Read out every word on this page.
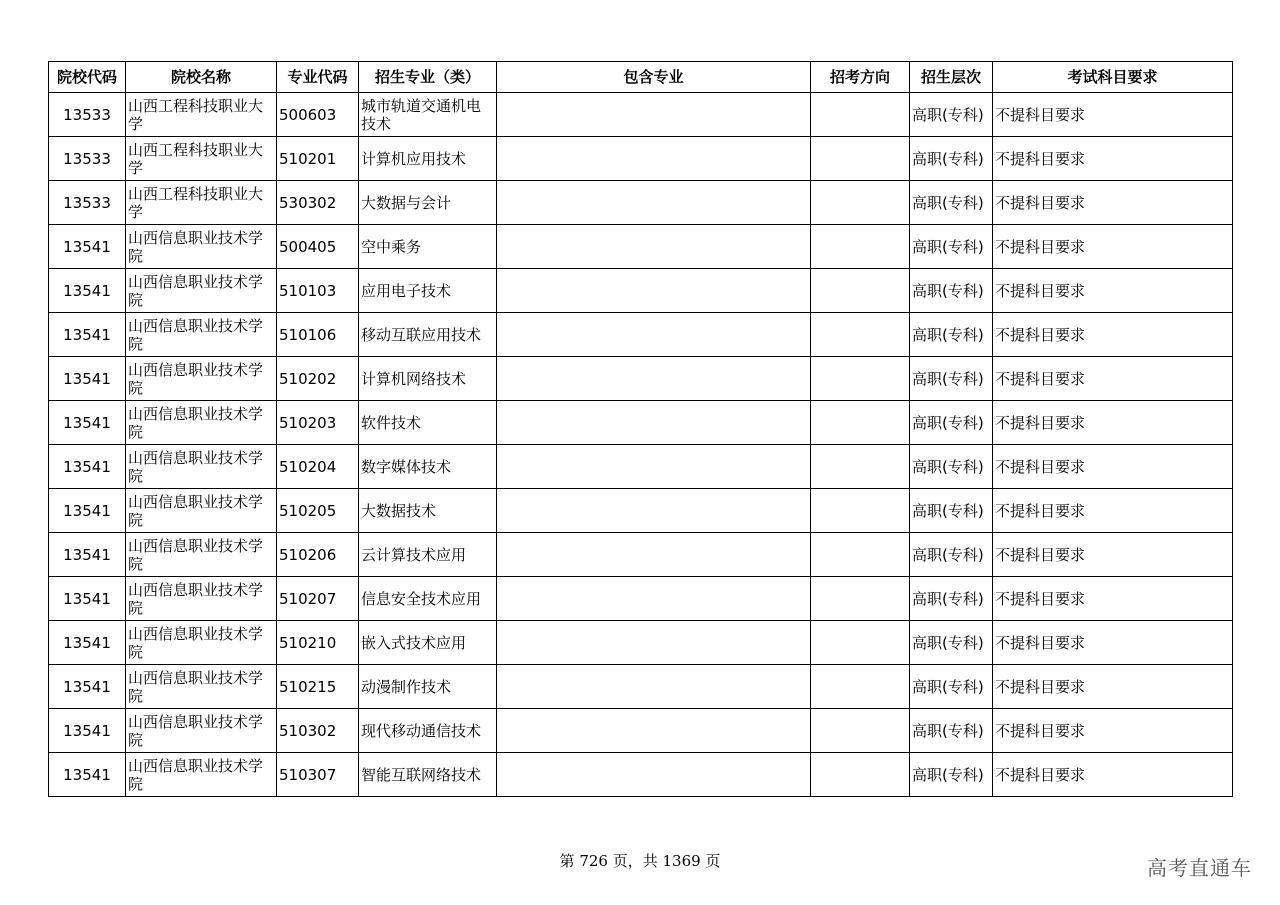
院校代码	院校名称	专业代码	招生专业（类）	包含专业	招考方向	招生层次	考试科目要求
13533	山西工程科技职业大学	500603	城市轨道交通机电技术			高职(专科)	不提科目要求
13533	山西工程科技职业大学	510201	计算机应用技术			高职(专科)	不提科目要求
13533	山西工程科技职业大学	530302	大数据与会计			高职(专科)	不提科目要求
13541	山西信息职业技术学院	500405	空中乘务			高职(专科)	不提科目要求
13541	山西信息职业技术学院	510103	应用电子技术			高职(专科)	不提科目要求
13541	山西信息职业技术学院	510106	移动互联应用技术			高职(专科)	不提科目要求
13541	山西信息职业技术学院	510202	计算机网络技术			高职(专科)	不提科目要求
13541	山西信息职业技术学院	510203	软件技术			高职(专科)	不提科目要求
13541	山西信息职业技术学院	510204	数字媒体技术			高职(专科)	不提科目要求
13541	山西信息职业技术学院	510205	大数据技术			高职(专科)	不提科目要求
13541	山西信息职业技术学院	510206	云计算技术应用			高职(专科)	不提科目要求
13541	山西信息职业技术学院	510207	信息安全技术应用			高职(专科)	不提科目要求
13541	山西信息职业技术学院	510210	嵌入式技术应用			高职(专科)	不提科目要求
13541	山西信息职业技术学院	510215	动漫制作技术			高职(专科)	不提科目要求
13541	山西信息职业技术学院	510302	现代移动通信技术			高职(专科)	不提科目要求
13541	山西信息职业技术学院	510307	智能互联网络技术			高职(专科)	不提科目要求
第 726 页，共 1369 页	高考直通车
